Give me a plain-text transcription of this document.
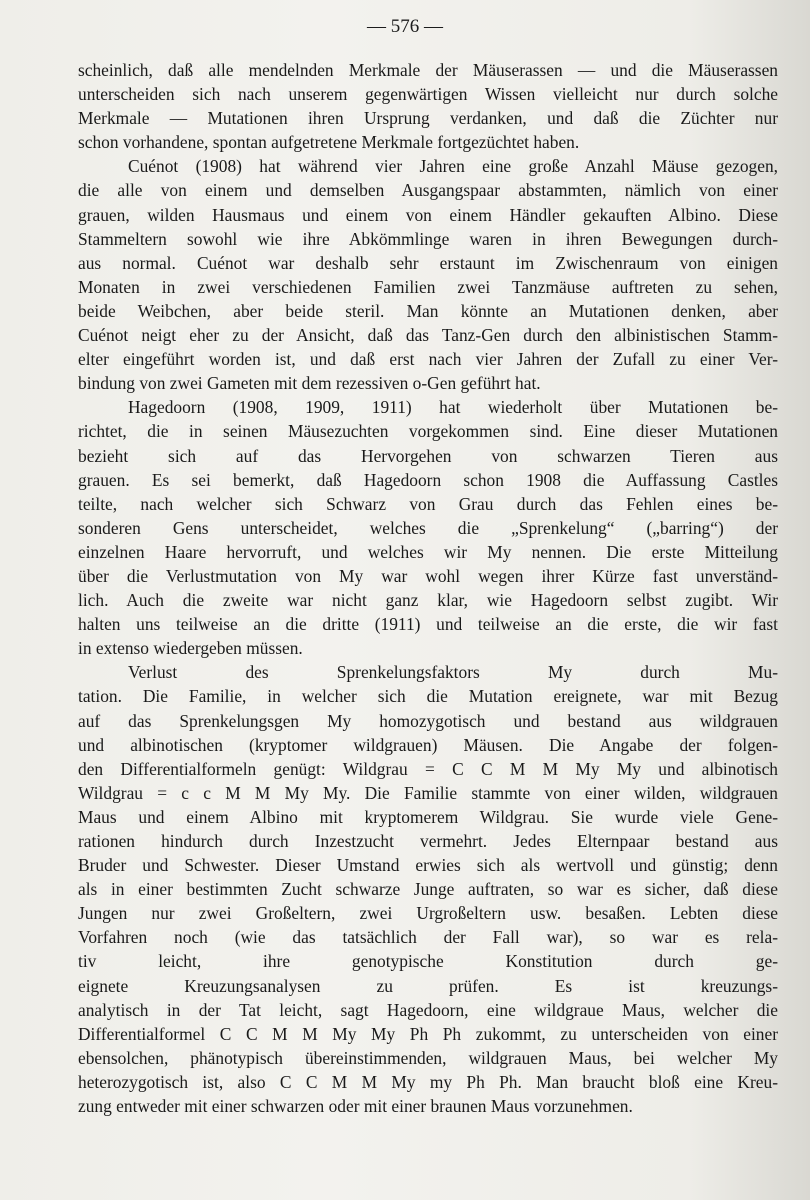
— 576 —

scheinlich, daß alle mendelnden Merkmale der Mäuserassen — und die Mäuserassen
unterscheiden sich nach unserem gegenwärtigen Wissen vielleicht nur durch solche
Merkmale — Mutationen ihren Ursprung verdanken, und daß die Züchter nur
schon vorhandene, spontan aufgetretene Merkmale fortgezüchtet haben.

Cuénot (1908) hat während vier Jahren eine große Anzahl Mäuse gezogen,
die alle von einem und demselben Ausgangspaar abstammten, nämlich von einer
grauen, wilden Hausmaus und einem von einem Händler gekauften Albino. Diese
Stammeltern sowohl wie ihre Abkömmlinge waren in ihren Bewegungen durch-
aus normal. Cuénot war deshalb sehr erstaunt im Zwischenraum von einigen
Monaten in zwei verschiedenen Familien zwei Tanzmäuse auftreten zu sehen,
beide Weibchen, aber beide steril. Man könnte an Mutationen denken, aber
Cuénot neigt eher zu der Ansicht, daß das Tanz-Gen durch den albinistischen Stamm-
elter eingeführt worden ist, und daß erst nach vier Jahren der Zufall zu einer Ver-
bindung von zwei Gameten mit dem rezessiven o-Gen geführt hat.

Hagedoorn (1908, 1909, 1911) hat wiederholt über Mutationen be-
richtet, die in seinen Mäusezuchten vorgekommen sind. Eine dieser Mutationen
bezieht sich auf das Hervorgehen von schwarzen Tieren aus
grauen. Es sei bemerkt, daß Hagedoorn schon 1908 die Auffassung Castles
teilte, nach welcher sich Schwarz von Grau durch das Fehlen eines be-
sonderen Gens unterscheidet, welches die „Sprenkelung“ („barring“) der
einzelnen Haare hervorruft, und welches wir My nennen. Die erste Mitteilung
über die Verlustmutation von My war wohl wegen ihrer Kürze fast unverständ-
lich. Auch die zweite war nicht ganz klar, wie Hagedoorn selbst zugibt. Wir
halten uns teilweise an die dritte (1911) und teilweise an die erste, die wir fast
in extenso wiedergeben müssen.

Verlust des Sprenkelungsfaktors My durch Mu-
tation. Die Familie, in welcher sich die Mutation ereignete, war mit Bezug
auf das Sprenkelungsgen My homozygotisch und bestand aus wildgrauen
und albinotischen (kryptomer wildgrauen) Mäusen. Die Angabe der folgen-
den Differentialformeln genügt: Wildgrau = C C M M My My und albinotisch
Wildgrau = c c M M My My. Die Familie stammte von einer wilden, wildgrauen
Maus und einem Albino mit kryptomerem Wildgrau. Sie wurde viele Gene-
rationen hindurch durch Inzestzucht vermehrt. Jedes Elternpaar bestand aus
Bruder und Schwester. Dieser Umstand erwies sich als wertvoll und günstig; denn
als in einer bestimmten Zucht schwarze Junge auftraten, so war es sicher, daß diese
Jungen nur zwei Großeltern, zwei Urgroßeltern usw. besaßen. Lebten diese
Vorfahren noch (wie das tatsächlich der Fall war), so war es rela-
tiv leicht, ihre genotypische Konstitution durch ge-
eignete Kreuzungsanalysen zu prüfen. Es ist kreuzungs-
analytisch in der Tat leicht, sagt Hagedoorn, eine wildgraue Maus, welcher die
Differentialformel C C M M My My Ph Ph zukommt, zu unterscheiden von einer
ebensolchen, phänotypisch übereinstimmenden, wildgrauen Maus, bei welcher My
heterozygotisch ist, also C C M M My my Ph Ph. Man braucht bloß eine Kreu-
zung entweder mit einer schwarzen oder mit einer braunen Maus vorzunehmen.
